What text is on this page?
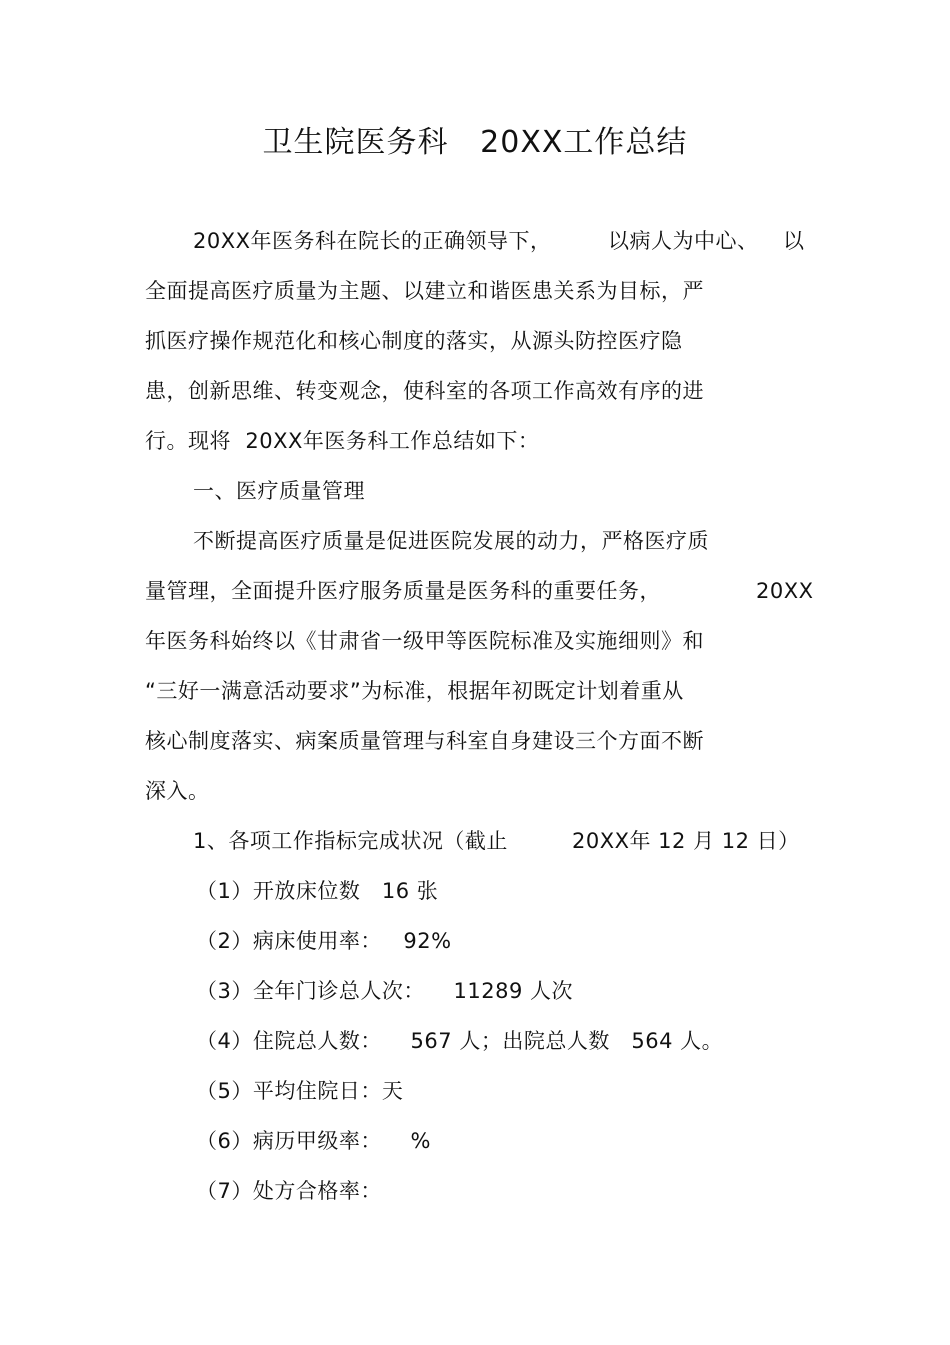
卫生院医务科   20XX工作总结
20XX年医务科在院长的正确领导下，	以病人为中心、 以
全面提高医疗质量为主题、以建立和谐医患关系为目标，严
抓医疗操作规范化和核心制度的落实，从源头防控医疗隐
患，创新思维、转变观念，使科室的各项工作高效有序的进
行。现将  20XX年医务科工作总结如下：
一、医疗质量管理
不断提高医疗质量是促进医院发展的动力，严格医疗质
量管理，全面提升医疗服务质量是医务科的重要任务，	20XX
年医务科始终以《甘肃省一级甲等医院标准及实施细则》和
“三好一满意活动要求”为标准，根据年初既定计划着重从
核心制度落实、病案质量管理与科室自身建设三个方面不断
深入。
1、各项工作指标完成状况（截止	20XX年 12 月 12 日）
（1）开放床位数   16 张
（2）病床使用率：   92%
（3）全年门诊总人次：    11289 人次
（4）住院总人数：    567 人；出院总人数   564 人。
（5）平均住院日：天
（6）病历甲级率：    %
（7）处方合格率：
